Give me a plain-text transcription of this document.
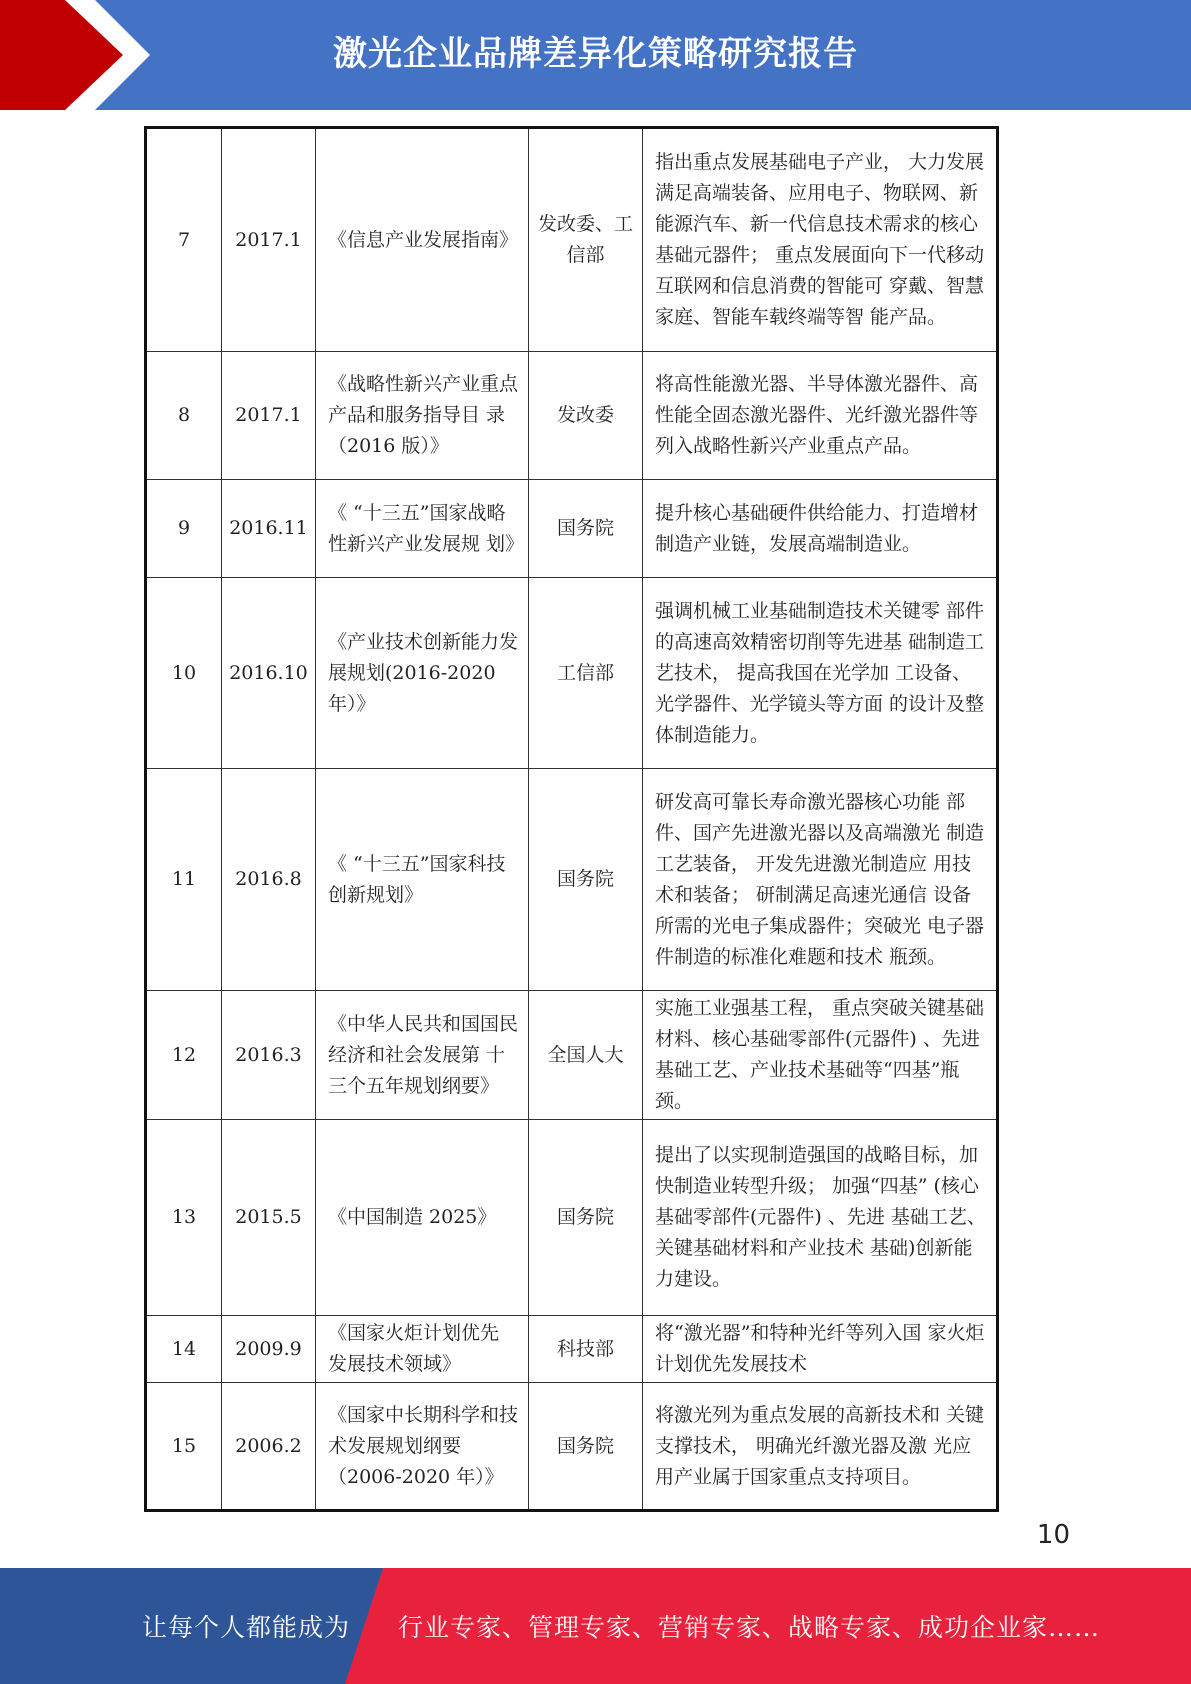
激光企业品牌差异化策略研究报告
7	2017.1	《信息产业发展指南》	发改委、工信部	指出重点发展基础电子产业， 大力发展满足高端装备、应用电子、物联网、新能源汽车、新一代信息技术需求的核心基础元器件； 重点发展面向下一代移动互联网和信息消费的智能可 穿戴、智慧家庭、智能车载终端等智 能产品。
8	2017.1	《战略性新兴产业重点产品和服务指导目 录（2016 版）》	发改委	将高性能激光器、半导体激光器件、高性能全固态激光器件、光纤激光器件等列入战略性新兴产业重点产品。
9	2016.11	《 “十三五”国家战略性新兴产业发展规 划》	国务院	提升核心基础硬件供给能力、打造增材制造产业链，发展高端制造业。
10	2016.10	《产业技术创新能力发展规划(2016-2020 年）》	工信部	强调机械工业基础制造技术关键零 部件的高速高效精密切削等先进基 础制造工艺技术， 提高我国在光学加 工设备、光学器件、光学镜头等方面 的设计及整体制造能力。
11	2016.8	《 “十三五”国家科技创新规划》	国务院	研发高可靠长寿命激光器核心功能 部件、国产先进激光器以及高端激光 制造工艺装备， 开发先进激光制造应 用技术和装备； 研制满足高速光通信 设备所需的光电子集成器件；突破光 电子器件制造的标准化难题和技术 瓶颈。
12	2016.3	《中华人民共和国国民经济和社会发展第 十三个五年规划纲要》	全国人大	实施工业强基工程， 重点突破关键基础材料、核心基础零部件(元器件) 、先进基础工艺、产业技术基础等“四基”瓶颈。
13	2015.5	《中国制造 2025》	国务院	提出了以实现制造强国的战略目标，加快制造业转型升级； 加强“四基” (核心基础零部件(元器件) 、先进 基础工艺、关键基础材料和产业技术 基础)创新能力建设。
14	2009.9	《国家火炬计划优先 发展技术领域》	科技部	将“激光器”和特种光纤等列入国 家火炬计划优先发展技术
15	2006.2	《国家中长期科学和技术发展规划纲要（2006-2020 年）》	国务院	将激光列为重点发展的高新技术和 关键支撑技术， 明确光纤激光器及激 光应用产业属于国家重点支持项目。
10
让每个人都能成为 行业专家、管理专家、营销专家、战略专家、成功企业家……
